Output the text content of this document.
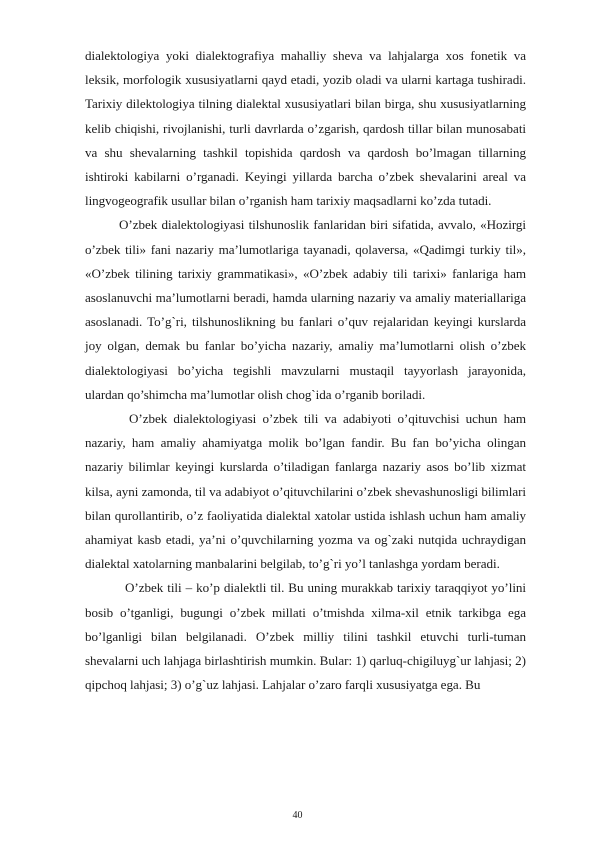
dialektologiya yoki dialektografiya mahalliy sheva va lahjalarga xos fonetik va leksik, morfologik xususiyatlarni qayd etadi, yozib oladi va ularni kartaga tushiradi. Tarixiy dilektologiya tilning dialektal xususiyatlari bilan birga, shu xususiyatlarning kelib chiqishi, rivojlanishi, turli davrlarda o’zgarish, qardosh tillar bilan munosabati va shu shevalarning tashkil topishida qardosh va qardosh bo’lmagan tillarning ishtiroki kabilarni o’rganadi. Keyingi yillarda barcha o’zbek shevalarini areal va lingvogeografik usullar bilan o’rganish ham tarixiy maqsadlarni ko’zda tutadi.

O’zbek dialektologiyasi tilshunoslik fanlaridan biri sifatida, avvalo, «Hozirgi o’zbek tili» fani nazariy ma’lumotlariga tayanadi, qolaversa, «Qadimgi turkiy til», «O’zbek tilining tarixiy grammatikasi», «O’zbek adabiy tili tarixi» fanlariga ham asoslanuvchi ma’lumotlarni beradi, hamda ularning nazariy va amaliy materiallariga asoslanadi. To’g`ri, tilshunoslikning bu fanlari o’quv rejalaridan keyingi kurslarda joy olgan, demak bu fanlar bo’yicha nazariy, amaliy ma’lumotlarni olish o’zbek dialektologiyasi bo’yicha tegishli mavzularni mustaqil tayyorlash jarayonida, ulardan qo’shimcha ma’lumotlar olish chog`ida o’rganib boriladi.

O’zbek dialektologiyasi o’zbek tili va adabiyoti o’qituvchisi uchun ham nazariy, ham amaliy ahamiyatga molik bo’lgan fandir. Bu fan bo’yicha olingan nazariy bilimlar keyingi kurslarda o’tiladigan fanlarga nazariy asos bo’lib xizmat kilsa, ayni zamonda, til va adabiyot o’qituvchilarini o’zbek shevashunosligi bilimlari bilan qurollantirib, o’z faoliyatida dialektal xatolar ustida ishlash uchun ham amaliy ahamiyat kasb etadi, ya’ni o’quvchilarning yozma va og`zaki nutqida uchraydigan dialektal xatolarning manbalarini belgilab, to’g`ri yo’l tanlashga yordam beradi.

O’zbek tili – ko’p dialektli til. Bu uning murakkab tarixiy taraqqiyot yo’lini bosib o’tganligi, bugungi o’zbek millati o’tmishda xilma-xil etnik tarkibga ega bo’lganligi bilan belgilanadi. O’zbek milliy tilini tashkil etuvchi turli-tuman shevalarni uch lahjaga birlashtirish mumkin. Bular: 1) qarluq-chigiluyg`ur lahjasi; 2) qipchoq lahjasi; 3) o’g`uz lahjasi. Lahjalar o’zaro farqli xususiyatga ega. Bu

40
